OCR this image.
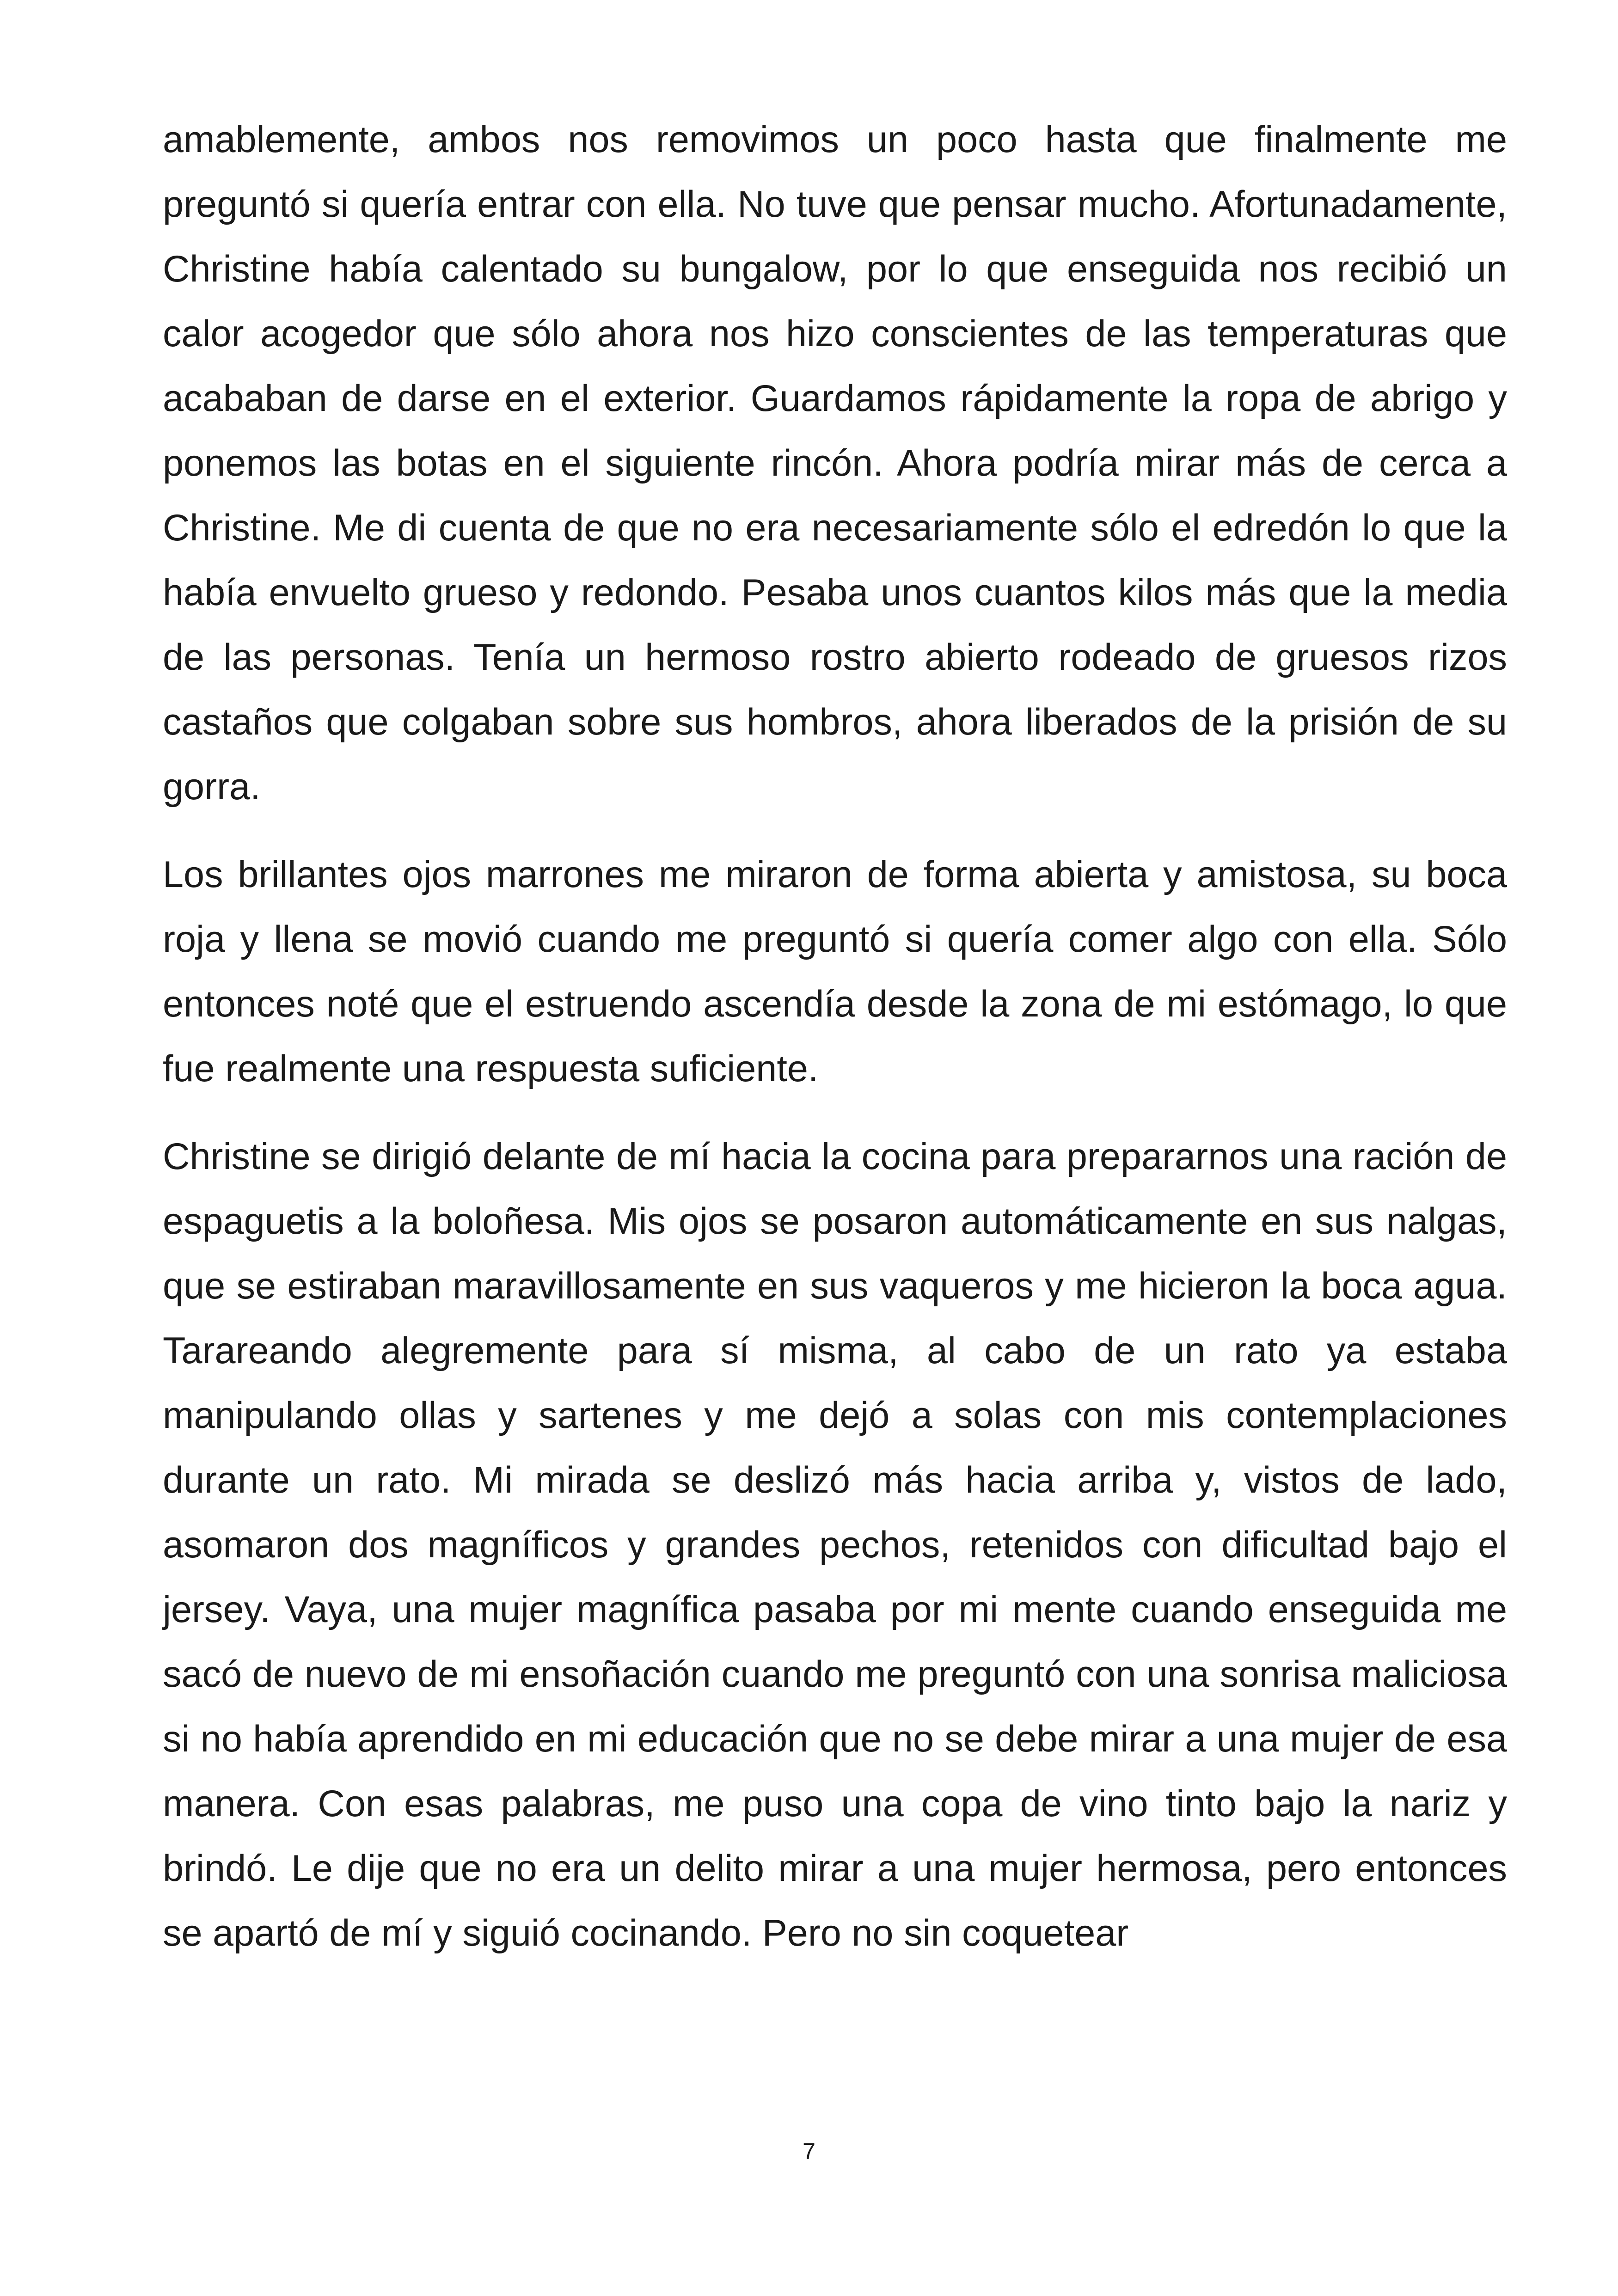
amablemente, ambos nos removimos un poco hasta que finalmente me preguntó si quería entrar con ella. No tuve que pensar mucho. Afortunadamente, Christine había calentado su bungalow, por lo que enseguida nos recibió un calor acogedor que sólo ahora nos hizo conscientes de las temperaturas que acababan de darse en el exterior. Guardamos rápidamente la ropa de abrigo y ponemos las botas en el siguiente rincón. Ahora podría mirar más de cerca a Christine. Me di cuenta de que no era necesariamente sólo el edredón lo que la había envuelto grueso y redondo. Pesaba unos cuantos kilos más que la media de las personas. Tenía un hermoso rostro abierto rodeado de gruesos rizos castaños que colgaban sobre sus hombros, ahora liberados de la prisión de su gorra.

Los brillantes ojos marrones me miraron de forma abierta y amistosa, su boca roja y llena se movió cuando me preguntó si quería comer algo con ella. Sólo entonces noté que el estruendo ascendía desde la zona de mi estómago, lo que fue realmente una respuesta suficiente.

Christine se dirigió delante de mí hacia la cocina para prepararnos una ración de espaguetis a la boloñesa. Mis ojos se posaron automáticamente en sus nalgas, que se estiraban maravillosamente en sus vaqueros y me hicieron la boca agua. Tarareando alegremente para sí misma, al cabo de un rato ya estaba manipulando ollas y sartenes y me dejó a solas con mis contemplaciones durante un rato. Mi mirada se deslizó más hacia arriba y, vistos de lado, asomaron dos magníficos y grandes pechos, retenidos con dificultad bajo el jersey. Vaya, una mujer magnífica pasaba por mi mente cuando enseguida me sacó de nuevo de mi ensoñación cuando me preguntó con una sonrisa maliciosa si no había aprendido en mi educación que no se debe mirar a una mujer de esa manera. Con esas palabras, me puso una copa de vino tinto bajo la nariz y brindó. Le dije que no era un delito mirar a una mujer hermosa, pero entonces se apartó de mí y siguió cocinando. Pero no sin coquetear

7
